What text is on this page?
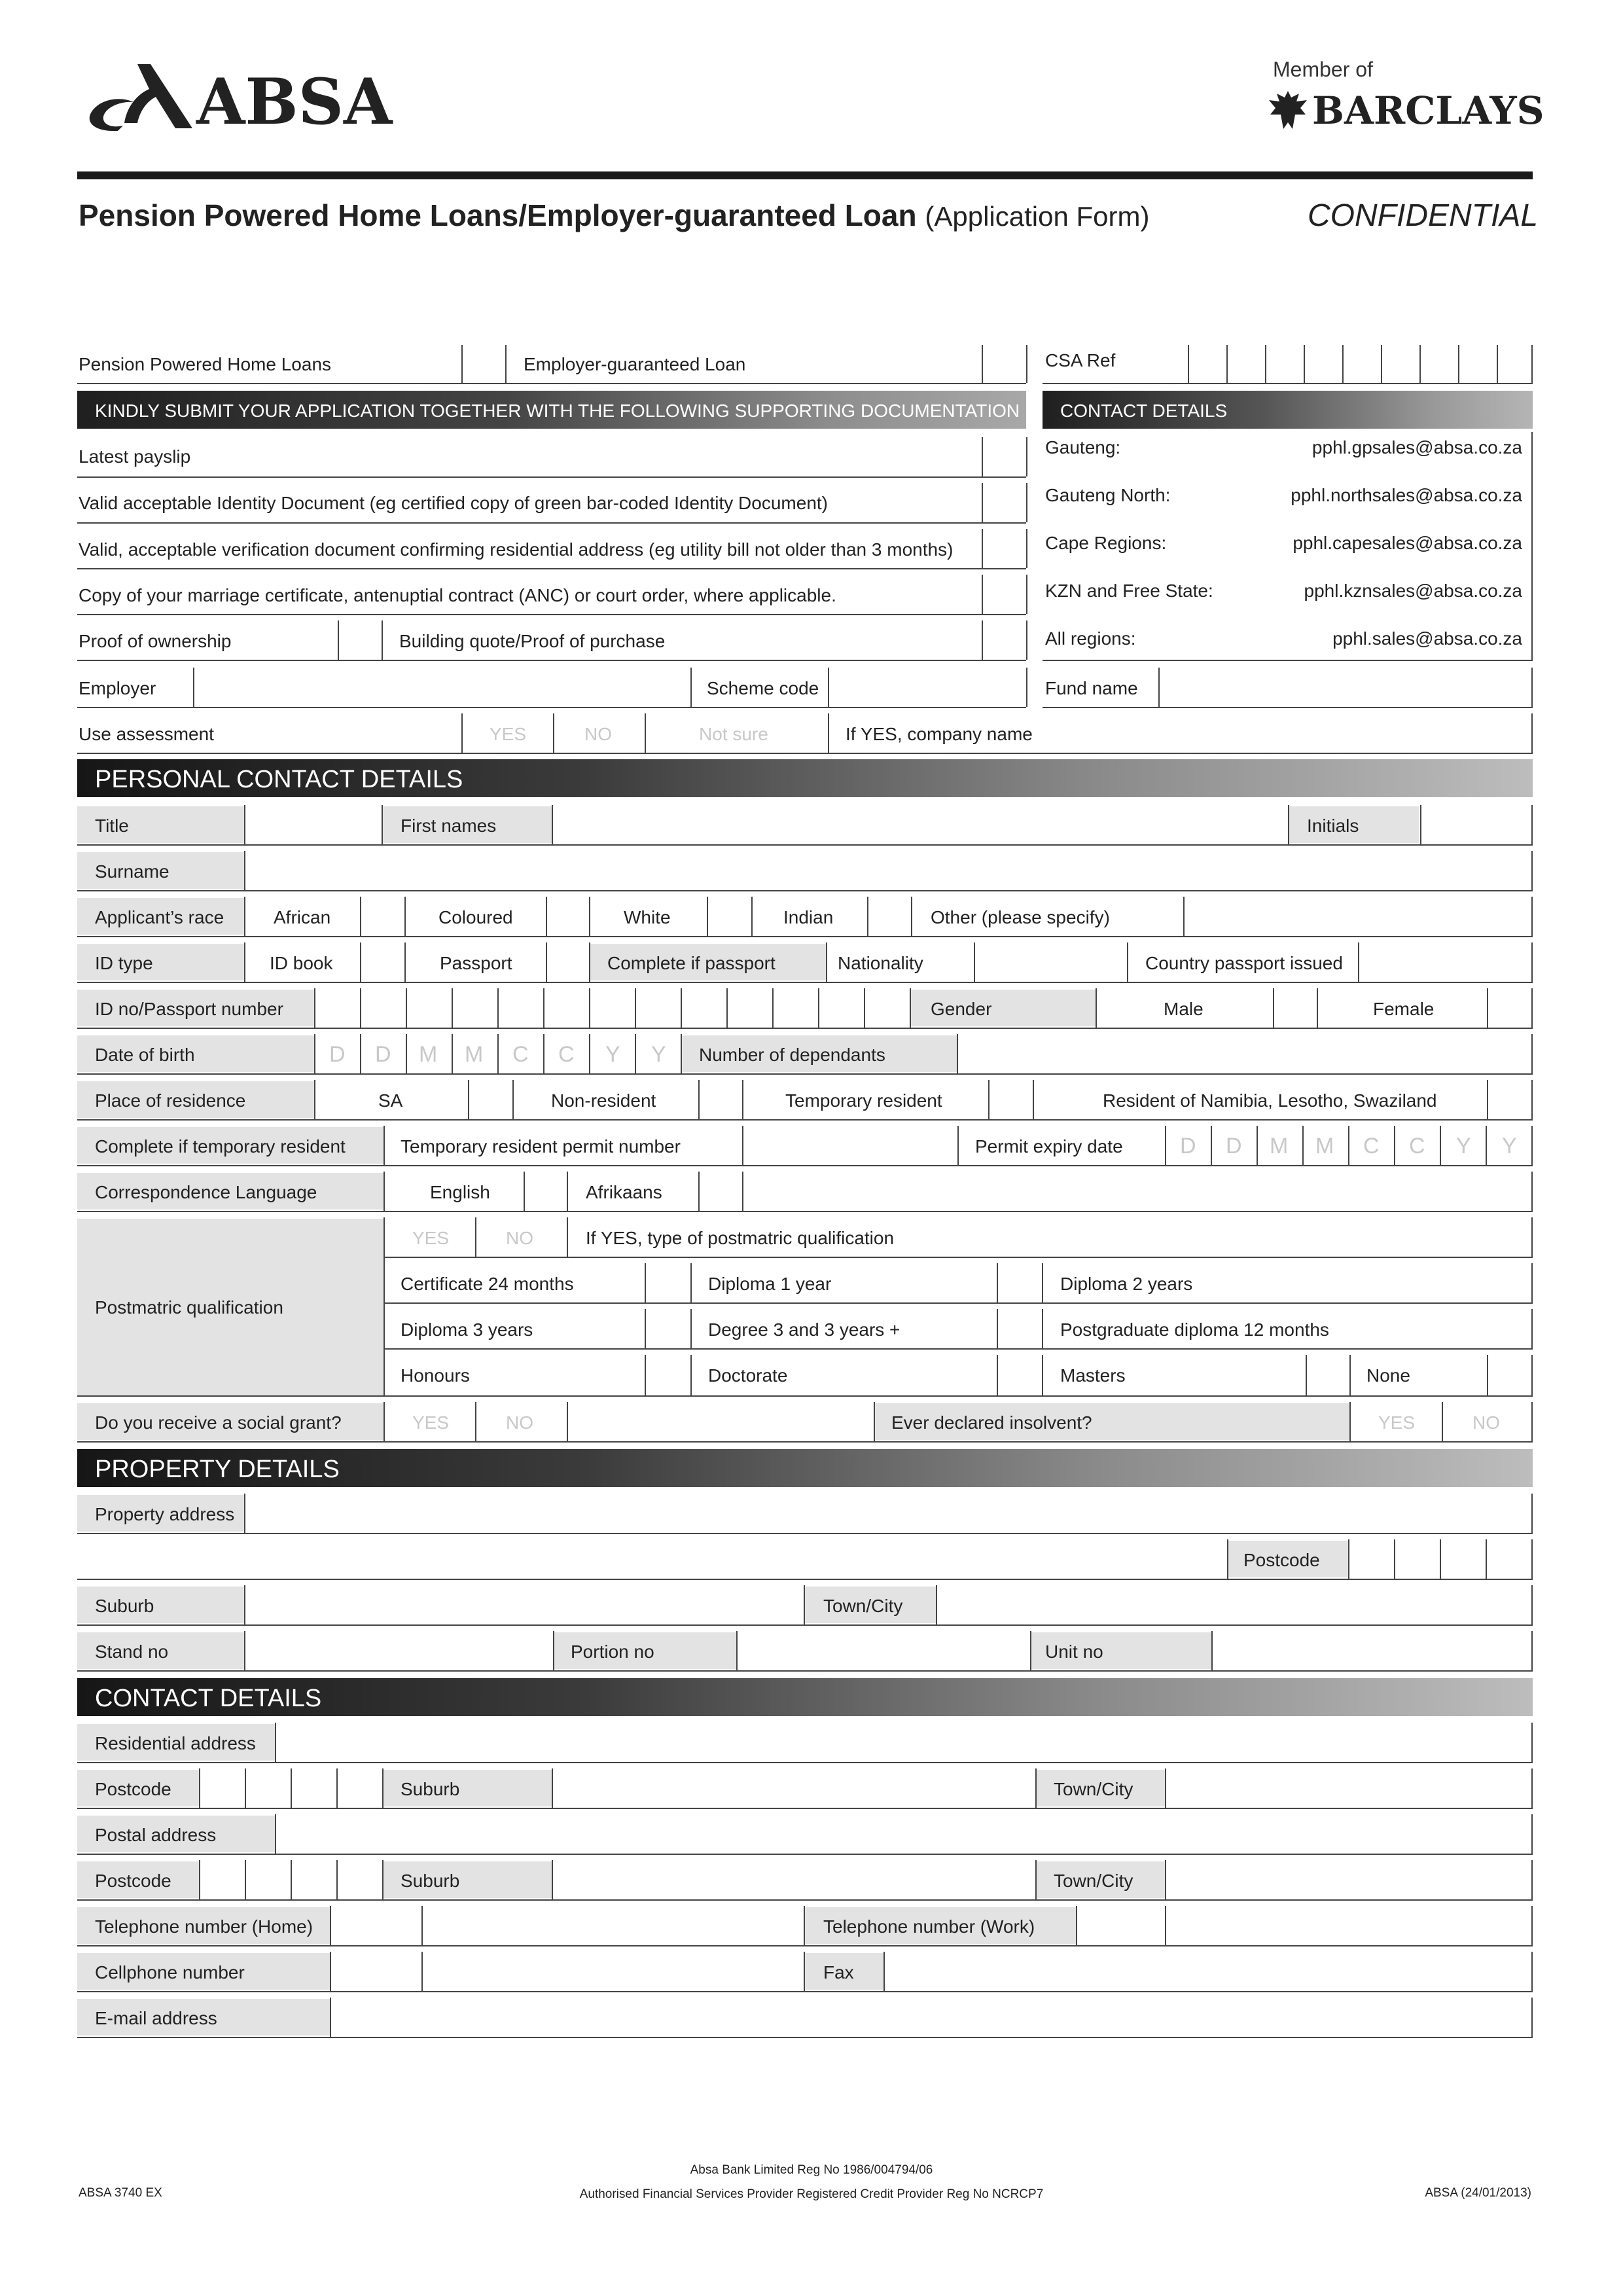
ABSA	Member of
BARCLAYS
Pension Powered Home Loans/Employer-guaranteed Loan (Application Form)	CONFIDENTIAL
Pension Powered Home Loans	Employer-guaranteed Loan	CSA Ref
KINDLY SUBMIT YOUR APPLICATION TOGETHER WITH THE FOLLOWING SUPPORTING DOCUMENTATION CONTACT DETAILS
Latest payslip
Valid acceptable Identity Document (eg certified copy of green bar-coded Identity Document)
Valid, acceptable verification document confirming residential address (eg utility bill not older than 3 months)
Copy of your marriage certificate, antenuptial contract (ANC) or court order, where applicable.
Proof of ownership	Building quote/Proof of purchase
Gauteng:	pphl.gpsales@absa.co.za
Gauteng North:	pphl.northsales@absa.co.za
Cape Regions:	pphl.capesales@absa.co.za
KZN and Free State:	pphl.kznsales@absa.co.za
All regions:	pphl.sales@absa.co.za
Employer	Scheme code	Fund name
Use assessment	YES	NO	Not sure	If YES, company name
PERSONAL CONTACT DETAILS
Title	First names	Initials
Surname
Applicant’s race	African	Coloured	White	Indian	Other (please specify)
ID type	ID book	Passport	Complete if passport	Nationality	Country passport issued
ID no/Passport number	Gender	Male	Female
Date of birth	D D M M C C Y Y Number of dependants
Place of residence	SA	Non-resident	Temporary resident	Resident of Namibia, Lesotho, Swaziland
Complete if temporary resident	Temporary resident permit number	Permit expiry date	D D M M C C Y Y
Correspondence Language	English	Afrikaans
Postmatric qualification
YES	NO	If YES, type of postmatric qualification
Certificate 24 months	Diploma 1 year	Diploma 2 years
Diploma 3 years	Degree 3 and 3 years +	Postgraduate diploma 12 months
Honours	Doctorate	Masters	None
Do you receive a social grant?	YES	NO	Ever declared insolvent?	YES	NO
PROPERTY DETAILS
Property address
Postcode
Suburb	Town/City
Stand no	Portion no	Unit no
CONTACT DETAILS
Residential address
Postcode	Suburb	Town/City
Postal address
Postcode	Suburb	Town/City
Telephone number (Home)	Telephone number (Work)
Cellphone number	Fax
E-mail address
ABSA 3740 EX
Absa Bank Limited Reg No 1986/004794/06
Authorised Financial Services Provider Registered Credit Provider Reg No NCRCP7	ABSA (24/01/2013)
